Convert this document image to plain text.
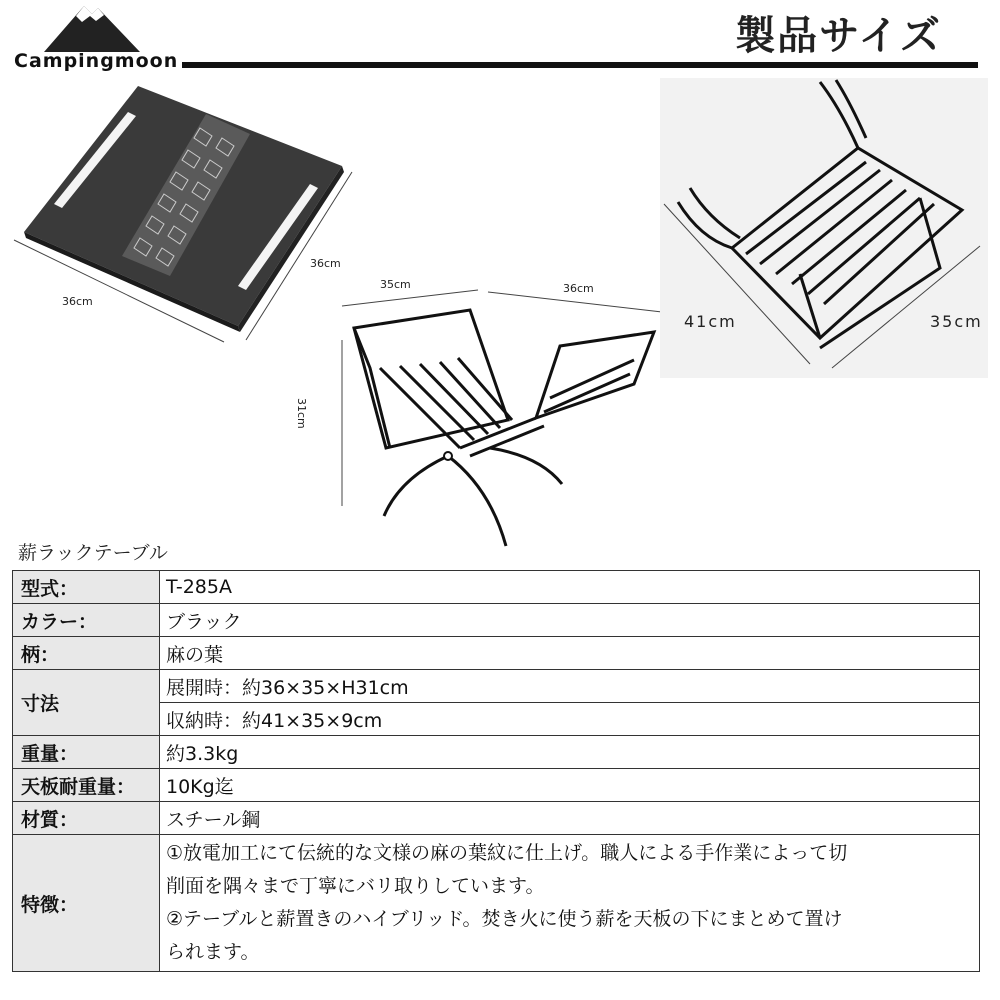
Campingmoon
製品サイズ
36cm
36cm
35cm	36cm
31cm
41cm	35cm
薪ラックテーブル
型式：	T-285A
カラー：	ブラック
柄：	麻の葉
寸法	展開時：約36×35×H31cm
	収納時：約41×35×9cm
重量：	約3.3kg
天板耐重量：	10Kg迄
材質：	スチール鋼
特徴：	①放電加工にて伝統的な文様の麻の葉紋に仕上げ。職人による手作業によって切
削面を隅々まで丁寧にバリ取りしています。
②テーブルと薪置きのハイブリッド。焚き火に使う薪を天板の下にまとめて置け
られます。
